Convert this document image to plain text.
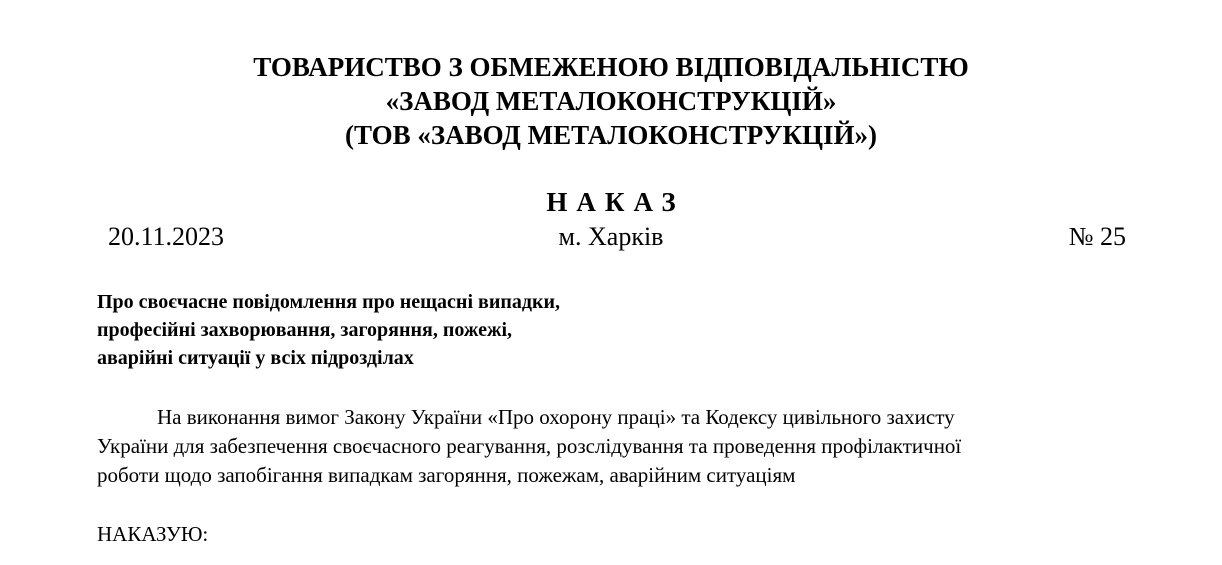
ТОВАРИСТВО З ОБМЕЖЕНОЮ ВІДПОВІДАЛЬНІСТЮ
«ЗАВОД МЕТАЛОКОНСТРУКЦІЙ»
(ТОВ «ЗАВОД МЕТАЛОКОНСТРУКЦІЙ»)
НАКАЗ
20.11.2023	м. Харків	№ 25
Про своєчасне повідомлення про нещасні випадки,
професійні захворювання, загоряння, пожежі,
аварійні ситуації у всіх підрозділах
На виконання вимог Закону України «Про охорону праці» та Кодексу цивільного захисту
України для забезпечення своєчасного реагування, розслідування та проведення профілактичної
роботи щодо запобігання випадкам загоряння, пожежам, аварійним ситуаціям
НАКАЗУЮ:
